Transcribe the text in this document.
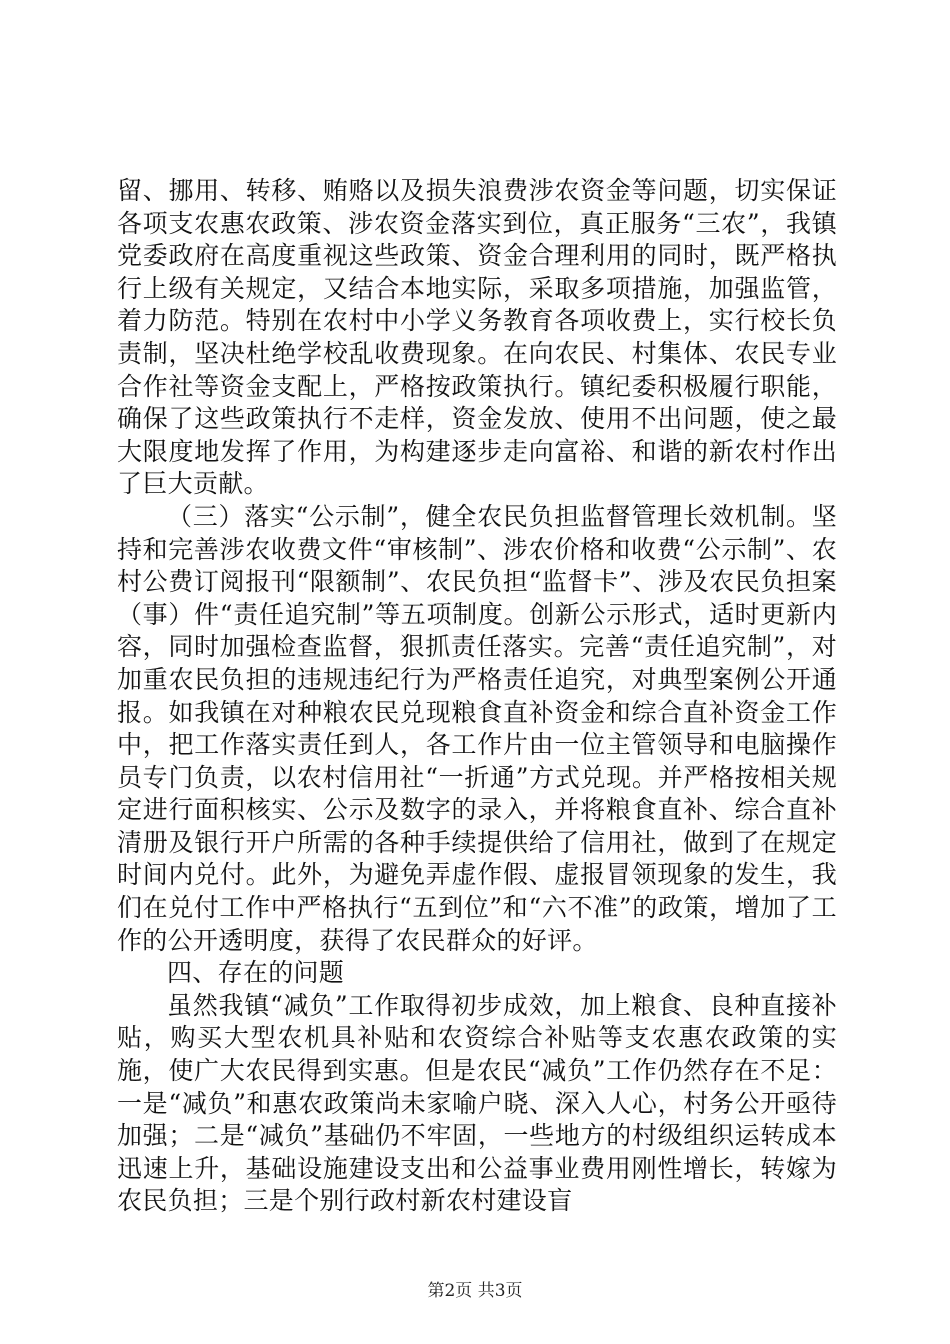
留、挪用、转移、贿赂以及损失浪费涉农资金等问题，切实保证各项支农惠农政策、涉农资金落实到位，真正服务“三农”，我镇党委政府在高度重视这些政策、资金合理利用的同时，既严格执行上级有关规定，又结合本地实际，采取多项措施，加强监管，着力防范。特别在农村中小学义务教育各项收费上，实行校长负责制，坚决杜绝学校乱收费现象。在向农民、村集体、农民专业合作社等资金支配上，严格按政策执行。镇纪委积极履行职能，确保了这些政策执行不走样，资金发放、使用不出问题，使之最大限度地发挥了作用，为构建逐步走向富裕、和谐的新农村作出了巨大贡献。

（三）落实“公示制”，健全农民负担监督管理长效机制。坚持和完善涉农收费文件“审核制”、涉农价格和收费“公示制”、农村公费订阅报刊“限额制”、农民负担“监督卡”、涉及农民负担案（事）件“责任追究制”等五项制度。创新公示形式，适时更新内容，同时加强检查监督，狠抓责任落实。完善“责任追究制”，对加重农民负担的违规违纪行为严格责任追究，对典型案例公开通报。如我镇在对种粮农民兑现粮食直补资金和综合直补资金工作中，把工作落实责任到人，各工作片由一位主管领导和电脑操作员专门负责，以农村信用社“一折通”方式兑现。并严格按相关规定进行面积核实、公示及数字的录入，并将粮食直补、综合直补清册及银行开户所需的各种手续提供给了信用社，做到了在规定时间内兑付。此外，为避免弄虚作假、虚报冒领现象的发生，我们在兑付工作中严格执行“五到位”和“六不准”的政策，增加了工作的公开透明度，获得了农民群众的好评。

四、存在的问题

虽然我镇“减负”工作取得初步成效，加上粮食、良种直接补贴，购买大型农机具补贴和农资综合补贴等支农惠农政策的实施，使广大农民得到实惠。但是农民“减负”工作仍然存在不足：一是“减负”和惠农政策尚未家喻户晓、深入人心，村务公开亟待加强；二是“减负”基础仍不牢固，一些地方的村级组织运转成本迅速上升，基础设施建设支出和公益事业费用刚性增长，转嫁为农民负担；三是个别行政村新农村建设盲

第2页 共3页
